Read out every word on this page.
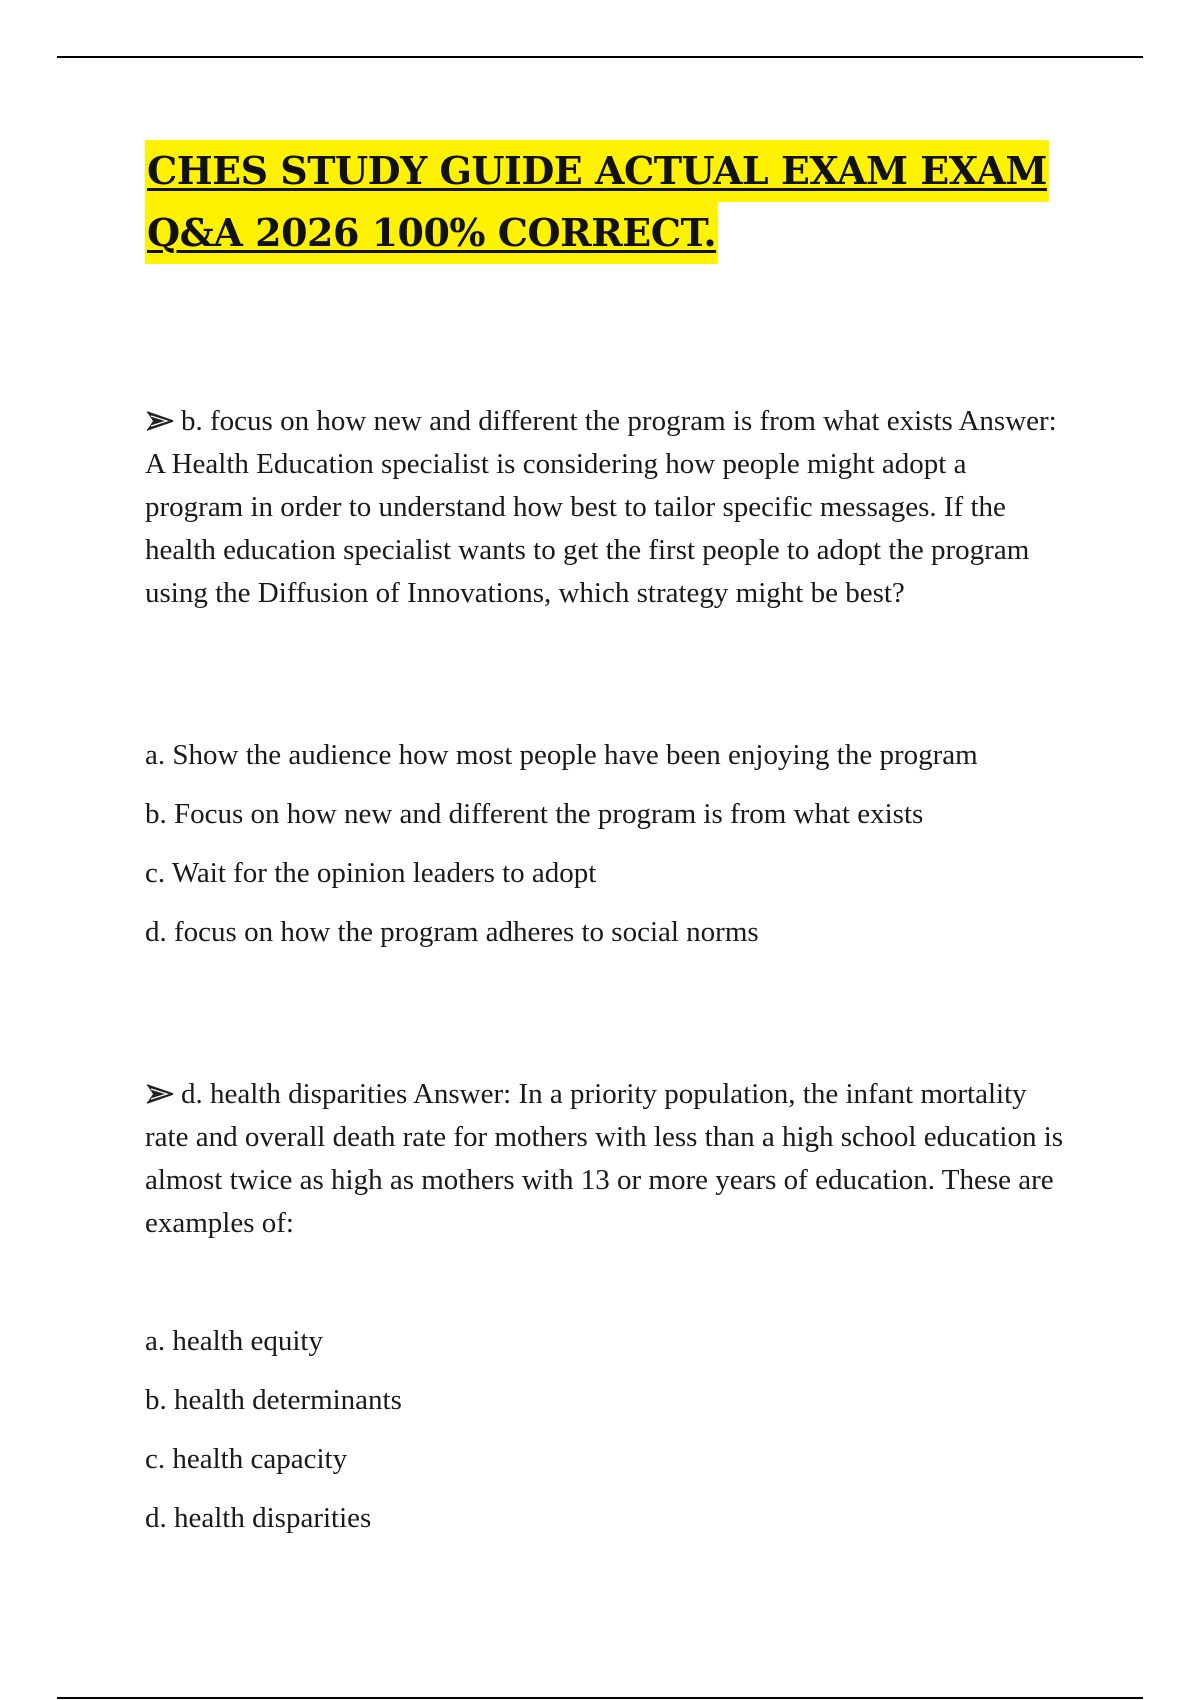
CHES STUDY GUIDE ACTUAL EXAM EXAM
Q&A 2026 100% CORRECT.

b. focus on how new and different the program is from what exists Answer: A Health Education specialist is considering how people might adopt a program in order to understand how best to tailor specific messages. If the health education specialist wants to get the first people to adopt the program using the Diffusion of Innovations, which strategy might be best?

a. Show the audience how most people have been enjoying the program
b. Focus on how new and different the program is from what exists
c. Wait for the opinion leaders to adopt
d. focus on how the program adheres to social norms

d. health disparities Answer: In a priority population, the infant mortality rate and overall death rate for mothers with less than a high school education is almost twice as high as mothers with 13 or more years of education. These are examples of:

a. health equity
b. health determinants
c. health capacity
d. health disparities
